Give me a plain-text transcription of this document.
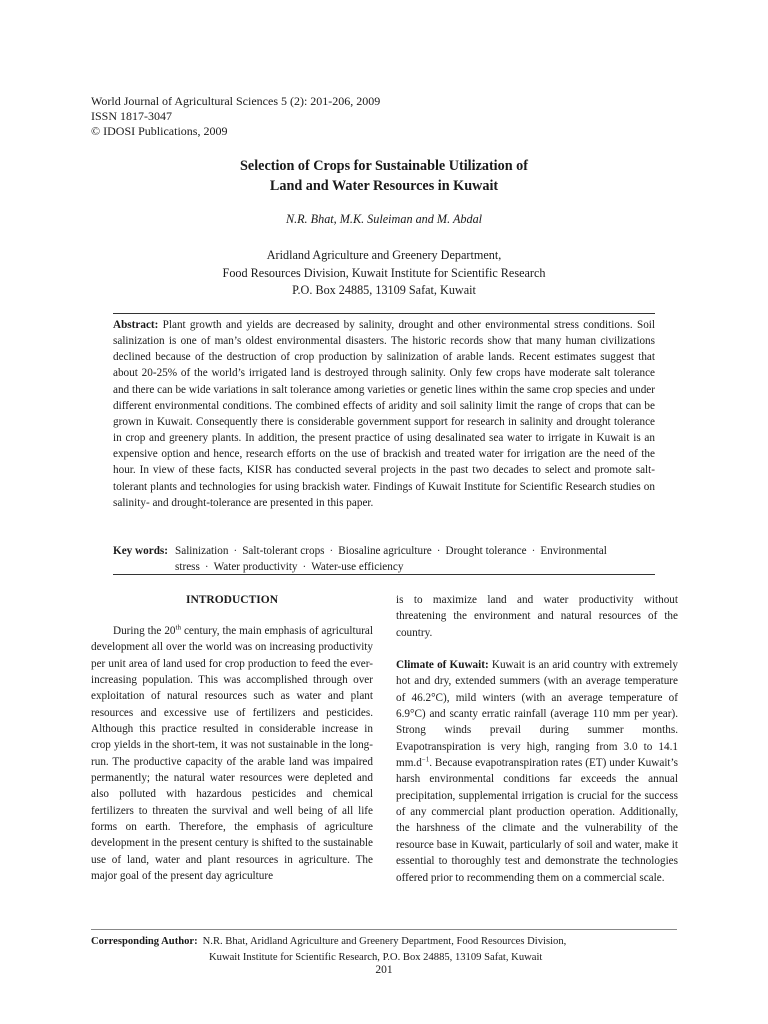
World Journal of Agricultural Sciences 5 (2): 201-206, 2009
ISSN 1817-3047
© IDOSI Publications, 2009
Selection of Crops for Sustainable Utilization of
Land and Water Resources in Kuwait
N.R. Bhat, M.K. Suleiman and M. Abdal
Aridland Agriculture and Greenery Department,
Food Resources Division, Kuwait Institute for Scientific Research
P.O. Box 24885, 13109 Safat, Kuwait
Abstract: Plant growth and yields are decreased by salinity, drought and other environmental stress conditions. Soil salinization is one of man’s oldest environmental disasters. The historic records show that many human civilizations declined because of the destruction of crop production by salinization of arable lands. Recent estimates suggest that about 20-25% of the world’s irrigated land is destroyed through salinity. Only few crops have moderate salt tolerance and there can be wide variations in salt tolerance among varieties or genetic lines within the same crop species and under different environmental conditions. The combined effects of aridity and soil salinity limit the range of crops that can be grown in Kuwait. Consequently there is considerable government support for research in salinity and drought tolerance in crop and greenery plants. In addition, the present practice of using desalinated sea water to irrigate in Kuwait is an expensive option and hence, research efforts on the use of brackish and treated water for irrigation are the need of the hour. In view of these facts, KISR has conducted several projects in the past two decades to select and promote salt-tolerant plants and technologies for using brackish water. Findings of Kuwait Institute for Scientific Research studies on salinity- and drought-tolerance are presented in this paper.
Key words: Salinization · Salt-tolerant crops · Biosaline agriculture · Drought tolerance · Environmental
stress · Water productivity · Water-use efficiency
INTRODUCTION

During the 20th century, the main emphasis of agricultural development all over the world was on increasing productivity per unit area of land used for crop production to feed the ever-increasing population. This was accomplished through over exploitation of natural resources such as water and plant resources and excessive use of fertilizers and pesticides. Although this practice resulted in considerable increase in crop yields in the short-tem, it was not sustainable in the long-run. The productive capacity of the arable land was impaired permanently; the natural water resources were depleted and also polluted with hazardous pesticides and chemical fertilizers to threaten the survival and well being of all life forms on earth. Therefore, the emphasis of agriculture development in the present century is shifted to the sustainable use of land, water and plant resources in agriculture. The major goal of the present day agriculture

is to maximize land and water productivity without threatening the environment and natural resources of the country.

Climate of Kuwait: Kuwait is an arid country with extremely hot and dry, extended summers (with an average temperature of 46.2°C), mild winters (with an average temperature of 6.9°C) and scanty erratic rainfall (average 110 mm per year). Strong winds prevail during summer months. Evapotranspiration is very high, ranging from 3.0 to 14.1 $mm.d^{-1}$. Because evapotranspiration rates (ET) under Kuwait’s harsh environmental conditions far exceeds the annual precipitation, supplemental irrigation is crucial for the success of any commercial plant production operation. Additionally, the harshness of the climate and the vulnerability of the resource base in Kuwait, particularly of soil and water, make it essential to thoroughly test and demonstrate the technologies offered prior to recommending them on a commercial scale.

Corresponding Author: N.R. Bhat, Aridland Agriculture and Greenery Department, Food Resources Division,
Kuwait Institute for Scientific Research, P.O. Box 24885, 13109 Safat, Kuwait
201
